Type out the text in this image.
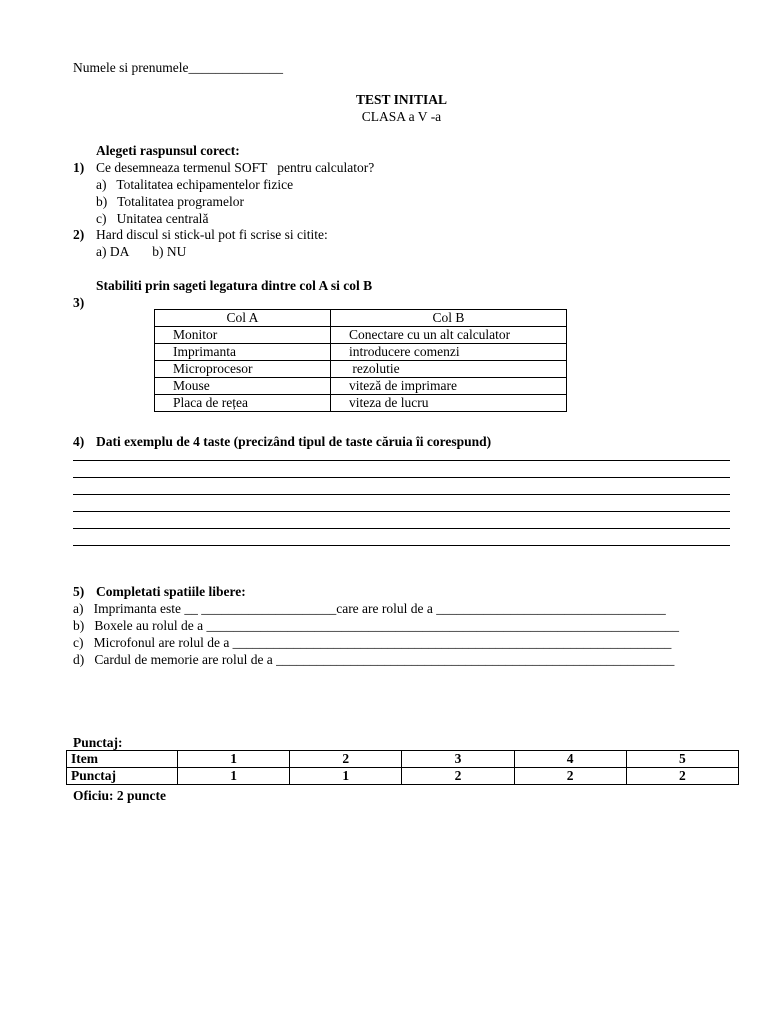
Numele si prenumele______________
TEST INITIAL
CLASA a V -a
Alegeti raspunsul corect:
1) Ce desemneaza termenul SOFT   pentru calculator?
a)   Totalitatea echipamentelor fizice
b)   Totalitatea programelor
c)   Unitatea centrală
2) Hard discul si stick-ul pot fi scrise si citite:
a) DA       b) NU
Stabiliti prin sageti legatura dintre col A si col B
3)
Col A	Col B
Monitor	Conectare cu un alt calculator
Imprimanta	introducere comenzi
Microprocesor	rezolutie
Mouse	viteză de imprimare
Placa de rețea	viteza de lucru
4) Dati exemplu de 4 taste (precizând tipul de taste căruia îi corespund)
5) Completati spatiile libere:
a)   Imprimanta este __ ____________________care are rolul de a __________________________________
b)   Boxele au rolul de a ______________________________________________________________________
c)   Microfonul are rolul de a _________________________________________________________________
d)   Cardul de memorie are rolul de a ___________________________________________________________
Punctaj:
Item	1	2	3	4	5
Punctaj	1	1	2	2	2
Oficiu: 2 puncte
